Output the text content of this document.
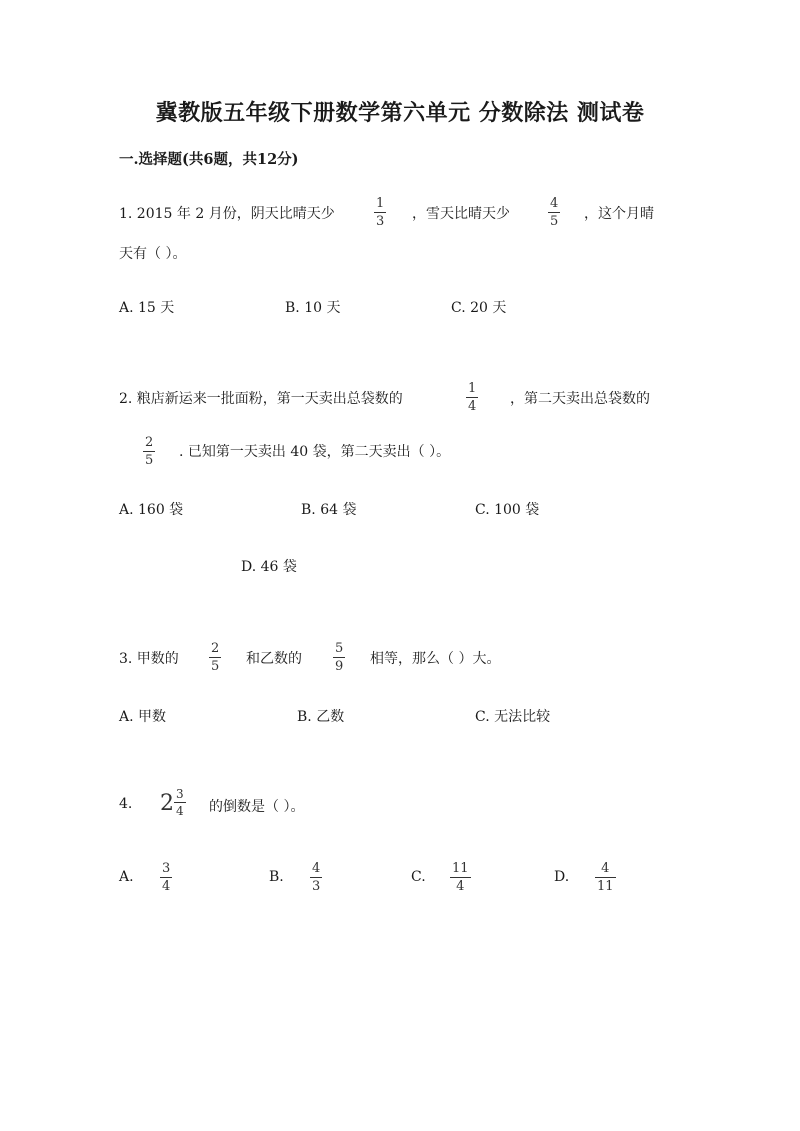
冀教版五年级下册数学第六单元 分数除法 测试卷
一.选择题(共6题，共12分)
1. 2015 年 2 月份，阴天比晴天少
1
3 ，雪天比晴天少
4
5 ，这个月晴
天有（ ）。
A. 15 天	B. 10 天	C. 20 天
2. 粮店新运来一批面粉，第一天卖出总袋数的
1
4 ，第二天卖出总袋数的
2
5
. 已知第一天卖出 40 袋，第二天卖出（ ）。
A. 160 袋	B. 64 袋	C. 100 袋
D. 46 袋
3. 甲数的
2
5 和乙数的
5
9 相等，那么（ ）大。
A. 甲数	B. 乙数	C. 无法比较
4. 2 3
4 的倒数是（ ）。
A.
3
4
B.
4
3
C.
11
4
D.
4
11
